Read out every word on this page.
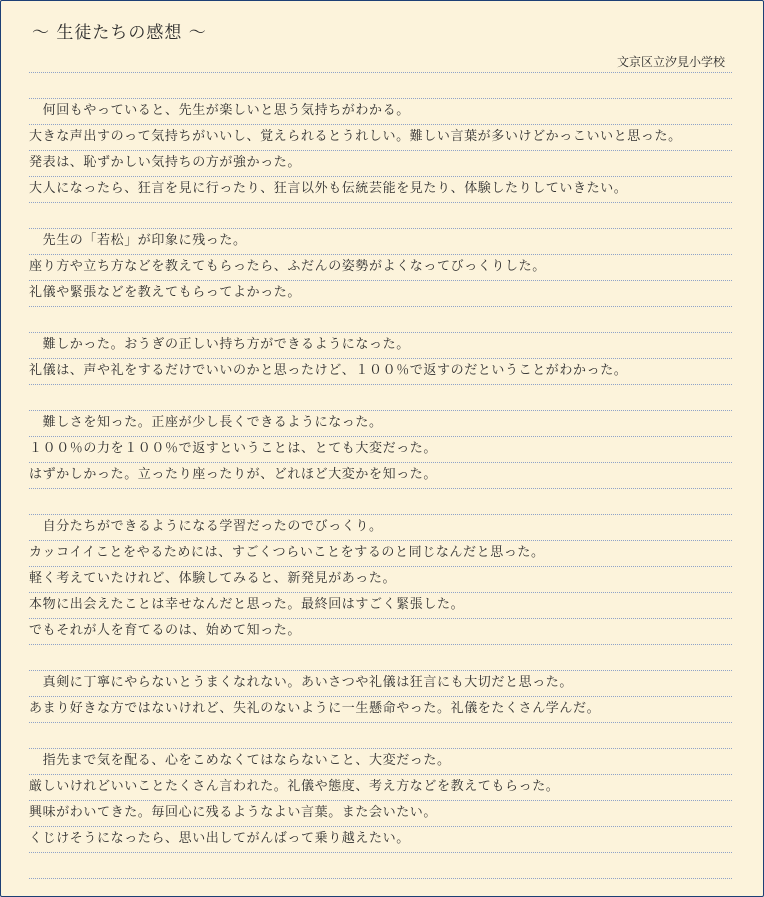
～ 生徒たちの感想 ～
文京区立汐見小学校
　何回もやっていると、先生が楽しいと思う気持ちがわかる。
大きな声出すのって気持ちがいいし、覚えられるとうれしい。難しい言葉が多いけどかっこいいと思った。
発表は、恥ずかしい気持ちの方が強かった。
大人になったら、狂言を見に行ったり、狂言以外も伝統芸能を見たり、体験したりしていきたい。
　先生の「若松」が印象に残った。
座り方や立ち方などを教えてもらったら、ふだんの姿勢がよくなってびっくりした。
礼儀や緊張などを教えてもらってよかった。
　難しかった。おうぎの正しい持ち方ができるようになった。
礼儀は、声や礼をするだけでいいのかと思ったけど、１００％で返すのだということがわかった。
　難しさを知った。正座が少し長くできるようになった。
１００％の力を１００％で返すということは、とても大変だった。
はずかしかった。立ったり座ったりが、どれほど大変かを知った。
　自分たちができるようになる学習だったのでびっくり。
カッコイイことをやるためには、すごくつらいことをするのと同じなんだと思った。
軽く考えていたけれど、体験してみると、新発見があった。
本物に出会えたことは幸せなんだと思った。最終回はすごく緊張した。
でもそれが人を育てるのは、始めて知った。
　真剣に丁寧にやらないとうまくなれない。あいさつや礼儀は狂言にも大切だと思った。
あまり好きな方ではないけれど、失礼のないように一生懸命やった。礼儀をたくさん学んだ。
　指先まで気を配る、心をこめなくてはならないこと、大変だった。
厳しいけれどいいことたくさん言われた。礼儀や態度、考え方などを教えてもらった。
興味がわいてきた。毎回心に残るようなよい言葉。また会いたい。
くじけそうになったら、思い出してがんばって乗り越えたい。
